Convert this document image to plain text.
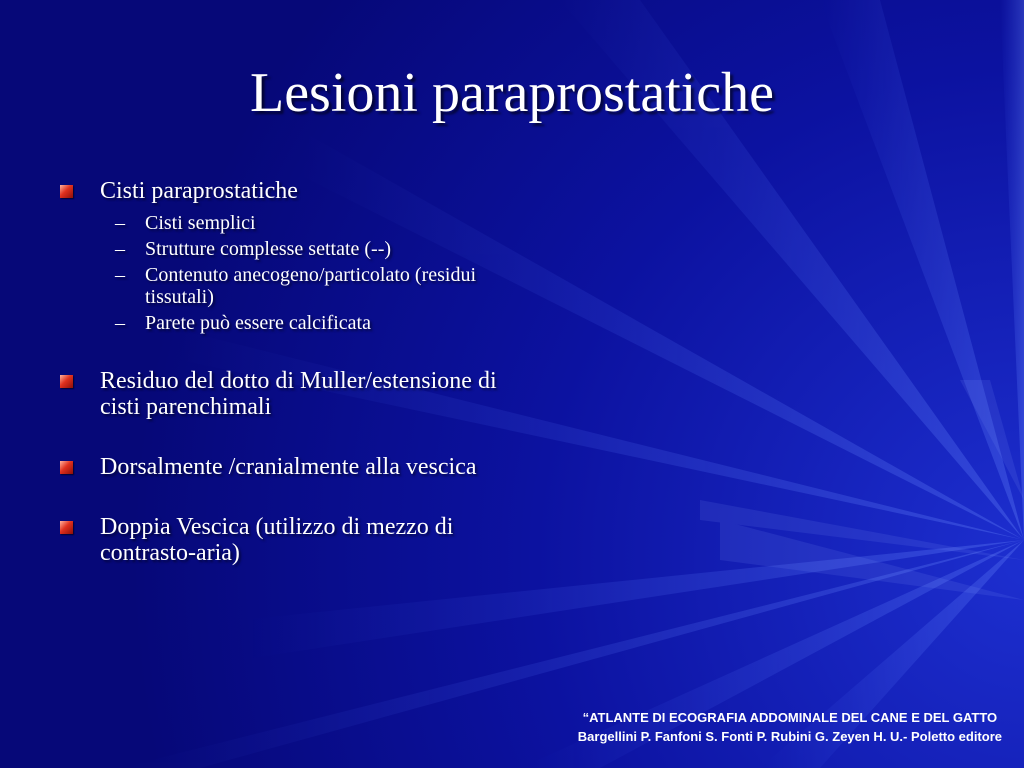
Lesioni paraprostatiche
Cisti paraprostatiche
– Cisti semplici
– Strutture complesse settate (--)
– Contenuto anecogeno/particolato (residui tissutali)
– Parete può essere calcificata
Residuo del dotto di Muller/estensione di cisti parenchimali
Dorsalmente /cranialmente alla vescica
Doppia Vescica (utilizzo di mezzo di contrasto-aria)
“ATLANTE DI ECOGRAFIA ADDOMINALE DEL CANE E DEL GATTO
Bargellini P. Fanfoni S. Fonti P. Rubini G. Zeyen H. U.- Poletto editore
